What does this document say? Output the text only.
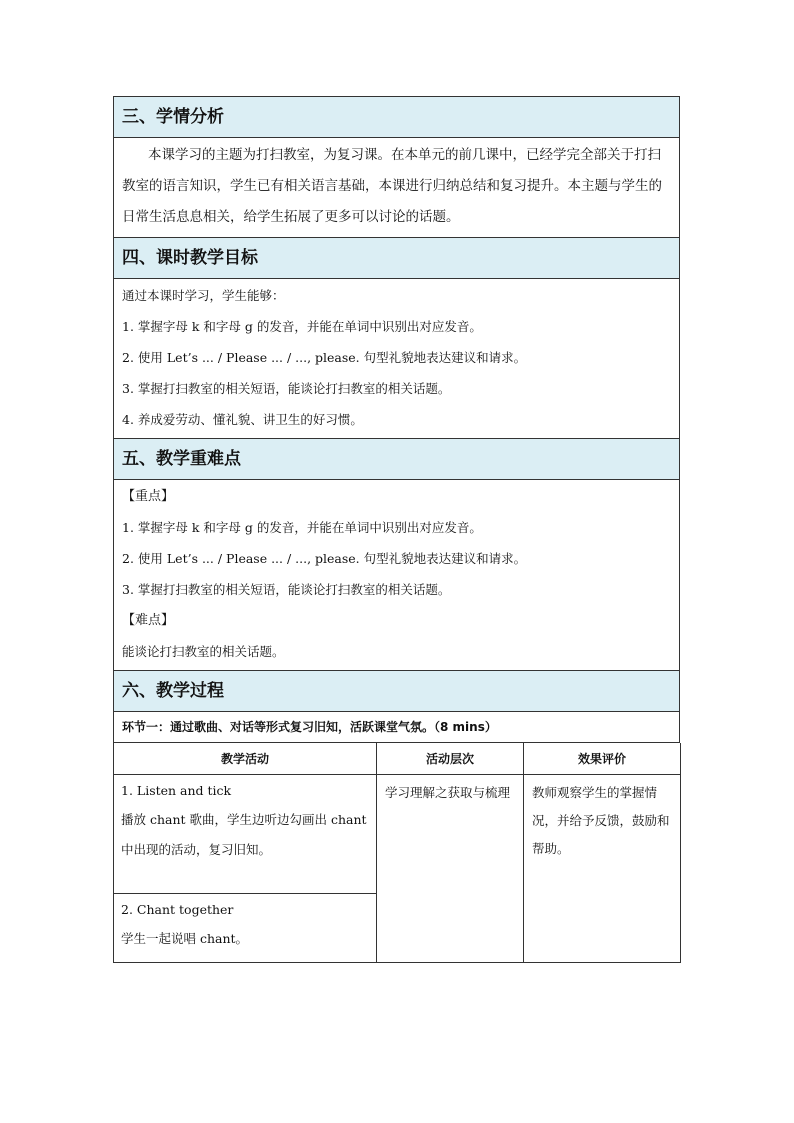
三、学情分析

本课学习的主题为打扫教室，为复习课。在本单元的前几课中，已经学完全部关于打扫教室的语言知识，学生已有相关语言基础，本课进行归纳总结和复习提升。本主题与学生的日常生活息息相关，给学生拓展了更多可以讨论的话题。

四、课时教学目标

通过本课时学习，学生能够：

1. 掌握字母 k 和字母 g 的发音，并能在单词中识别出对应发音。

2. 使用 Let’s ... / Please ... / ..., please. 句型礼貌地表达建议和请求。

3. 掌握打扫教室的相关短语，能谈论打扫教室的相关话题。

4. 养成爱劳动、懂礼貌、讲卫生的好习惯。

五、教学重难点

【重点】

1. 掌握字母 k 和字母 g 的发音，并能在单词中识别出对应发音。

2. 使用 Let’s ... / Please ... / ..., please. 句型礼貌地表达建议和请求。

3. 掌握打扫教室的相关短语，能谈论打扫教室的相关话题。

【难点】

能谈论打扫教室的相关话题。

六、教学过程
环节一：通过歌曲、对话等形式复习旧知，活跃课堂气氛。（8 mins）
教学活动	活动层次	效果评价

1. Listen and tick
播放 chant 歌曲，学生边听边勾画出 chant 中出现的活动，复习旧知。
2. Chant together
学生一起说唱 chant。	学习理解之获取与梳理	教师观察学生的掌握情况，并给予反馈，鼓励和帮助。
